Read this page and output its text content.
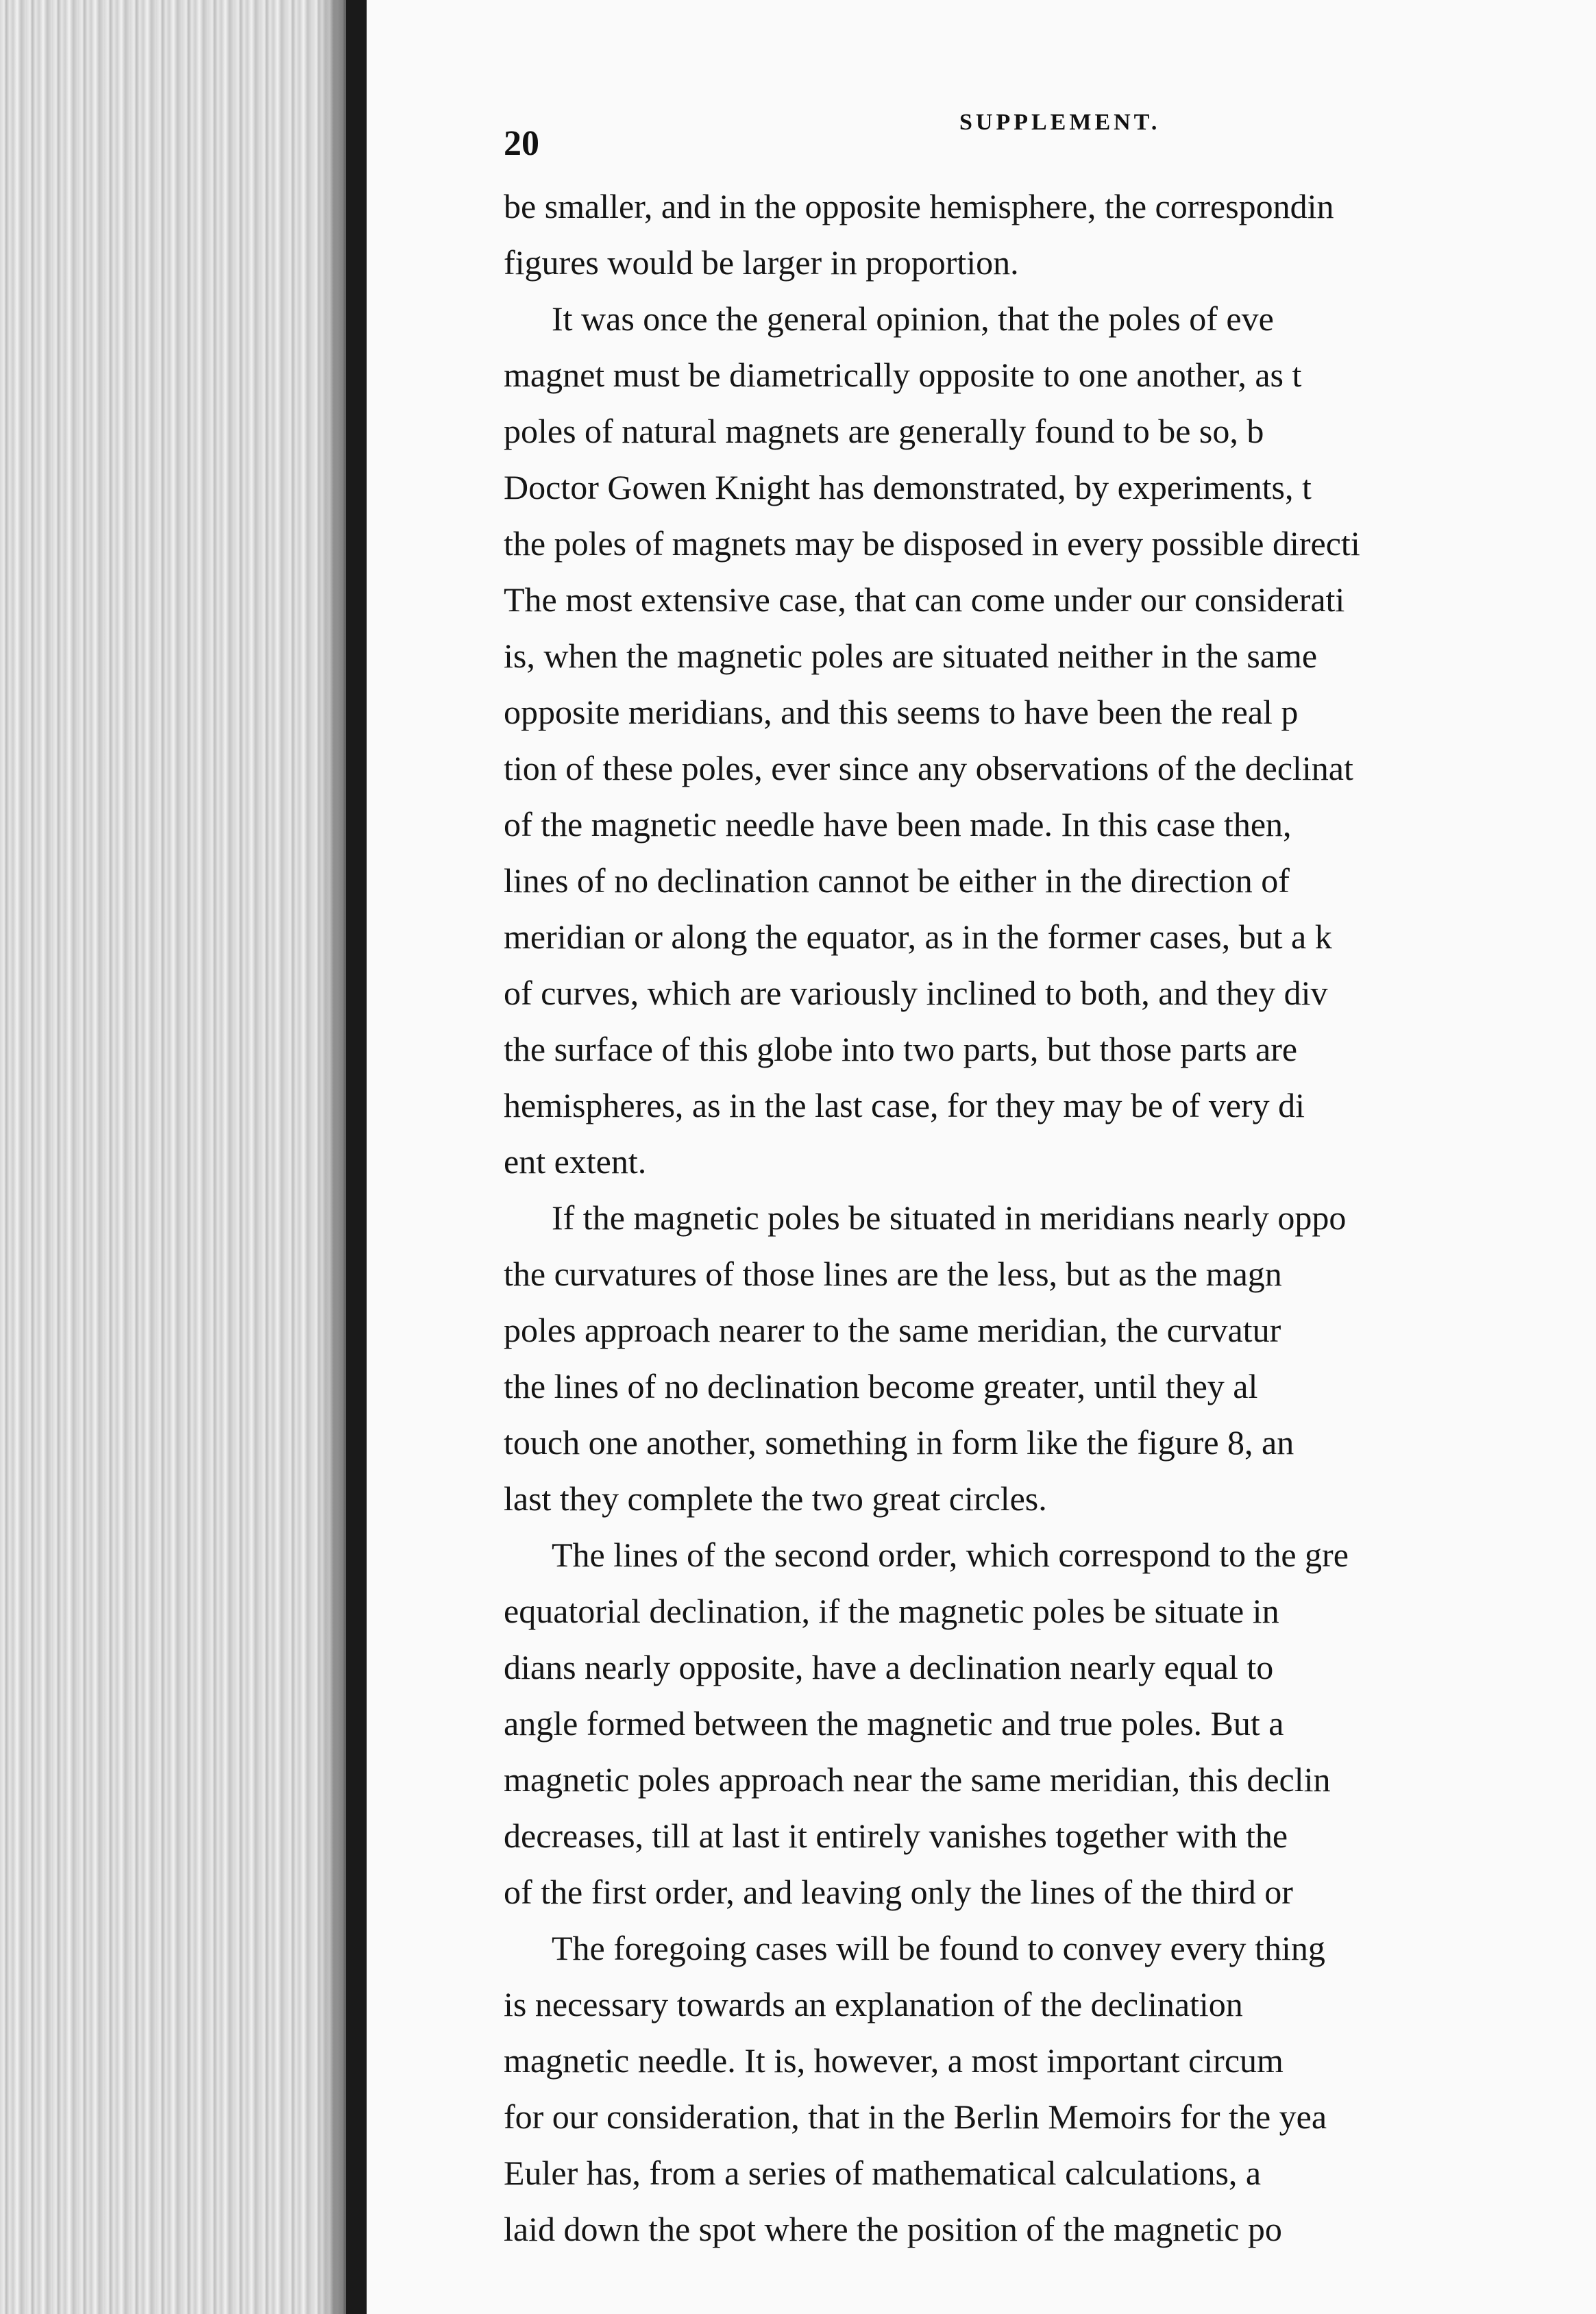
20
SUPPLEMENT.
be smaller, and in the opposite hemisphere, the correspondin
figures would be larger in proportion.
It was once the general opinion, that the poles of eve
magnet must be diametrically opposite to one another, as t
poles of natural magnets are generally found to be so, b
Doctor Gowen Knight has demonstrated, by experiments, t
the poles of magnets may be disposed in every possible directi
The most extensive case, that can come under our considerati
is, when the magnetic poles are situated neither in the same
opposite meridians, and this seems to have been the real p
tion of these poles, ever since any observations of the declinat
of the magnetic needle have been made. In this case then,
lines of no declination cannot be either in the direction of
meridian or along the equator, as in the former cases, but a k
of curves, which are variously inclined to both, and they div
the surface of this globe into two parts, but those parts are
hemispheres, as in the last case, for they may be of very di
ent extent.
If the magnetic poles be situated in meridians nearly oppo
the curvatures of those lines are the less, but as the magn
poles approach nearer to the same meridian, the curvatur
the lines of no declination become greater, until they al
touch one another, something in form like the figure 8, an
last they complete the two great circles.
The lines of the second order, which correspond to the gre
equatorial declination, if the magnetic poles be situate in
dians nearly opposite, have a declination nearly equal to
angle formed between the magnetic and true poles. But a
magnetic poles approach near the same meridian, this declin
decreases, till at last it entirely vanishes together with the
of the first order, and leaving only the lines of the third or
The foregoing cases will be found to convey every thing
is necessary towards an explanation of the declination
magnetic needle. It is, however, a most important circum
for our consideration, that in the Berlin Memoirs for the yea
Euler has, from a series of mathematical calculations, a
laid down the spot where the position of the magnetic po
